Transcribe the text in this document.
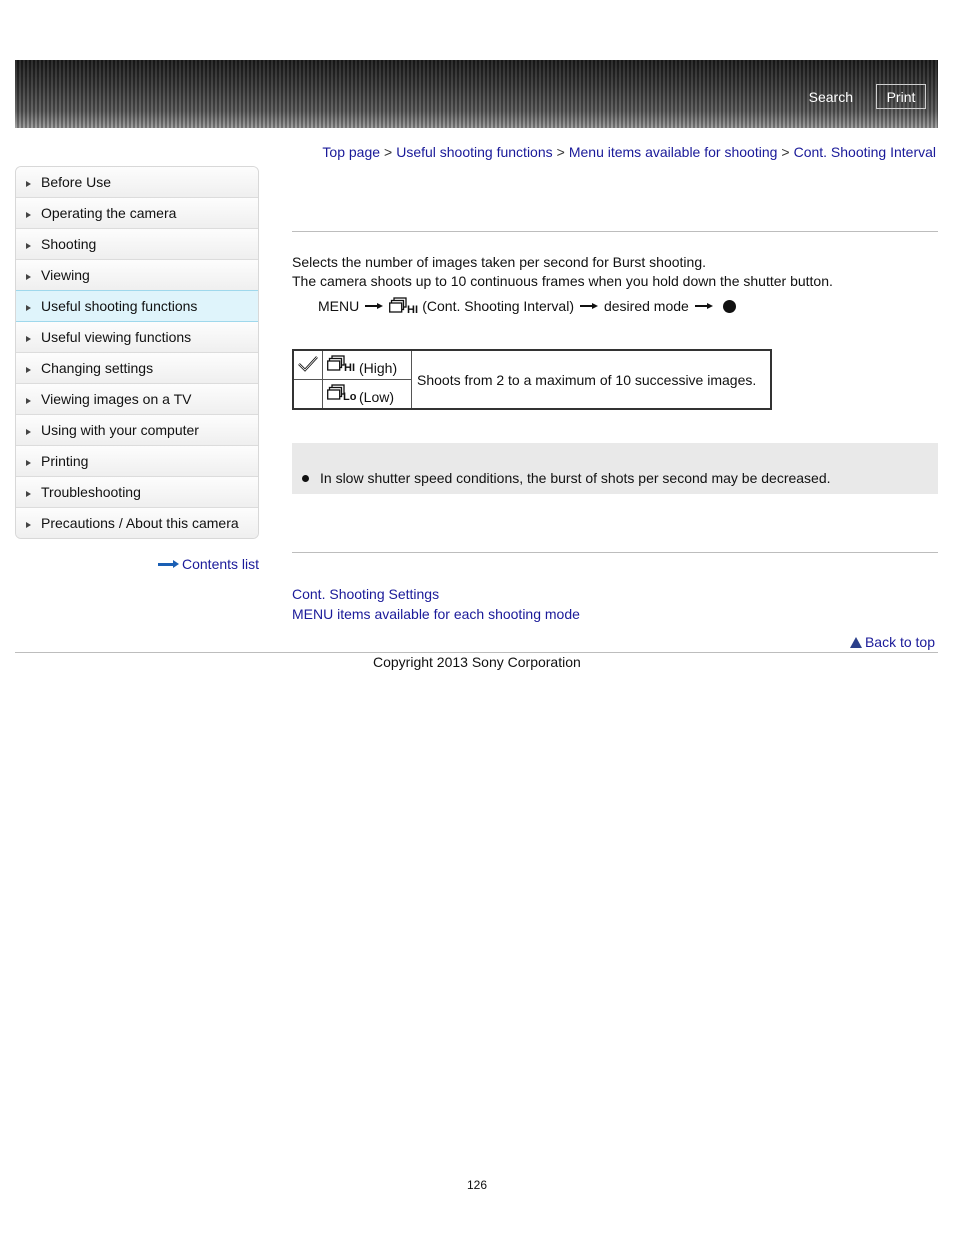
Search	Print
Top page > Useful shooting functions > Menu items available for shooting > Cont. Shooting Interval
Before Use
Operating the camera
Shooting
Viewing
Useful shooting functions
Useful viewing functions
Changing settings
Viewing images on a TV
Using with your computer
Printing
Troubleshooting
Precautions / About this camera
Contents list
Selects the number of images taken per second for Burst shooting.
The camera shoots up to 10 continuous frames when you hold down the shutter button.
MENU	HI (Cont. Shooting Interval) desired mode

HI (High)	Shoots from 2 to a maximum of 10 successive images.

Lo (Low)	
In slow shutter speed conditions, the burst of shots per second may be decreased.
Cont. Shooting Settings
MENU items available for each shooting mode
Back to top
Copyright 2013 Sony Corporation
126
